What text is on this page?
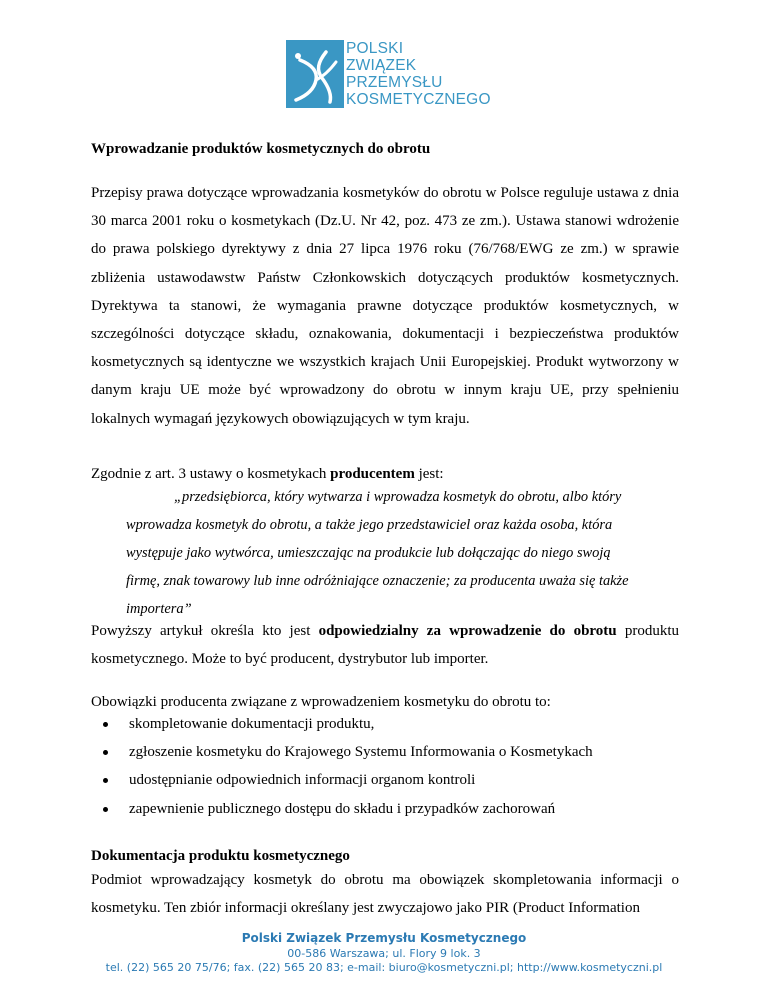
POLSKI
ZWIĄZEK
PRZEMYSŁU
KOSMETYCZNEGO
Wprowadzanie produktów kosmetycznych do obrotu
Przepisy prawa dotyczące wprowadzania kosmetyków do obrotu w Polsce reguluje ustawa z dnia 30 marca 2001 roku o kosmetykach (Dz.U. Nr 42, poz. 473 ze zm.). Ustawa stanowi wdrożenie do prawa polskiego dyrektywy z dnia 27 lipca 1976 roku (76/768/EWG ze zm.) w sprawie zbliżenia ustawodawstw Państw Członkowskich dotyczących produktów kosmetycznych. Dyrektywa ta stanowi, że wymagania prawne dotyczące produktów kosmetycznych, w szczególności dotyczące składu, oznakowania, dokumentacji i bezpieczeństwa produktów kosmetycznych są identyczne we wszystkich krajach Unii Europejskiej. Produkt wytworzony w danym kraju UE może być wprowadzony do obrotu w innym kraju UE, przy spełnieniu lokalnych wymagań językowych obowiązujących w tym kraju.
Zgodnie z art. 3 ustawy o kosmetykach producentem jest:
„przedsiębiorca, który wytwarza i wprowadza kosmetyk do obrotu, albo który wprowadza kosmetyk do obrotu, a także jego przedstawiciel oraz każda osoba, która występuje jako wytwórca, umieszczając na produkcie lub dołączając do niego swoją firmę, znak towarowy lub inne odróżniające oznaczenie; za producenta uważa się także importera”
Powyższy artykuł określa kto jest odpowiedzialny za wprowadzenie do obrotu produktu kosmetycznego. Może to być producent, dystrybutor lub importer.
Obowiązki producenta związane z wprowadzeniem kosmetyku do obrotu to:
skompletowanie dokumentacji produktu,
zgłoszenie kosmetyku do Krajowego Systemu Informowania o Kosmetykach
udostępnianie odpowiednich informacji organom kontroli
zapewnienie publicznego dostępu do składu i przypadków zachorowań
Dokumentacja produktu kosmetycznego
Podmiot wprowadzający kosmetyk do obrotu ma obowiązek skompletowania informacji o kosmetyku. Ten zbiór informacji określany jest zwyczajowo jako PIR (Product Information
Polski Związek Przemysłu Kosmetycznego
00-586 Warszawa; ul. Flory 9 lok. 3
tel. (22) 565 20 75/76; fax. (22) 565 20 83; e-mail: biuro@kosmetyczni.pl; http://www.kosmetyczni.pl
